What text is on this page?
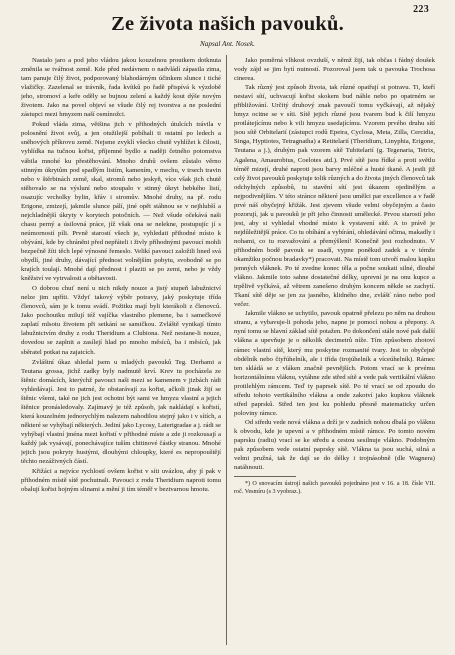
223
Ze života našich pavouků.
Napsal Ant. Nosek.

Nastalo jaro a pod jeho vládou jakou kouzelnou proutkem dotknuta změnila se tvářnost země. Kde před nedávnem o nadvládí zápasila zima, tam panuje čilý život, podporovaný blahodárným účinkem slunce i tiché vlažičky. Zazelenal se trávník, řada kvítků po řadě přispívá k výzdobě jeho, stromoví a keře oděly se bujnou zelení a každý kout dýše novým životem. Jako na povel objeví se všude čilý rej tvorstva a ne poslední zástupci mezi hmyzem naší osmínožci.

Pokud vláda zima, většina jich v přihodných útulcích trávila v polosnění život svůj, a jen otužilejší pobíhali ti ostatní po ledech a sněhových příkrovu země. Nejsme zvyklí všecko chutě vyhlížet k čilosti, vyhlídka na tučnou kořist, příjemné bydlo a naději četného potomstva vábila mnohé ku přestěhování. Mnoho druhů ovšem zůstalo věrno stinným úkrytům pod spadlým listím, kamením, v mechu, v trsech travin nebo v štěrbinách země, skal, stromů nebo jeskyň, více však jich chutě stěhovalo se na výsluní nebo stoupalo v stinný úkryt hebkého listí, osazujíc vrcholky bylin, křáv i stromův. Mnohé druhy, na př. rodu Erigone, zmizejí, jakmile slunce pálí, jiné opět stáhnou se v nejhlubší a nejchladnější úkryty v korytech potočních. — Než všude očekává naši chasu perný a úsilovná práce, jíž však ona se nelekne, postupujíc jí s neúmorností píli. Prvně starostí všech je, vyhledati přihodné místo k obývání, kde by chráněni před nepřáteli i živly příhodnými pavoucí mohli bezpečně žíti těch lepé výnosné řemeslo. Velikí pavouci založili hned svá obydlí, jiné druhy, dávající přednost volnějším pobytu, svobodně se po krajích toulají. Mnohé dají přednost i plaziti se po zemi, nebo je vždy kněžství ve vytrvalosti a obětavosti.

O dobrou chuť není u nich nikdy nouze a jistý stupeň labužnictví nelze jim upříti. Vždyť takový výběr potravy, jaký poskytuje třída členovců, sám je k tomu svádí. Požitku mají byli kterákoli z členovců. Jako pochoutku milují též vajíčka vlastního plemene, ba i samečkové zaplatí mlsotu životem při setkání se samičkou. Zvláště vynikají tímto labužnictvím druhy z rodu Theridium a Clubiona. Než nestane-li nouze, dovedou se zaplnit a zasílejí hlad po mnoho měsíců, ba i měsíců, jak sběratel potkat na zajatcích.

Zvláštní úkaz shledal jsem u mladých pavouků Teg. Derhami a Teutana grossa, jichž zadky byly nadmutě krví. Krev tu pocházela ze štěnic domácích, kterýchž pavouci naši mezi se kamenem v jizbách rádi vyhledávají. Jest to patrné, že obstarávají za kořist, ačkoli jinak žijí se štěnic všemi, také ne jich jest ochotni být sami ve hmyzu vlastní a jejich štěnice pronásledovaly. Zajímavý je též způsob, jak nakládají s kořistí, která kouzelném jednorychlým nalezem nahodilou stejný jako i v sítích, a některé se vyhýbají některých. Jediní jako Lycosy, Laterigradae a j. rádi se vyhýbají vlastní jména mezi kořistí v přihodné míste a zde ji rozkousají a každý jak vysávají, ponechávajíce tuším chitinové částky stranou. Mnohé jejich jsou pokryty hustými, dlouhými chloupky, které es nepropouštějí těchto nezáživných částí.

Křižáci a nejvíce rychlostí ovšem kořist v síti uvázlou, aby jí pak v přihodném místě sítě pochutnali. Pavouci z rodu Theridium naproti tomu obalují kořist hojným slinami a mění ji tím téměř v beztvarnou hmotu.

Jako poměrná vlhkost ovzduší, v němž žijí, tak občas i řádný doušek vody zájd se jim bytí nutností. Pozoroval jsem tak u pavouka Trochosa cinerea.

Tak různý jest způsob života, tak různé opatřují si potravu. Ti, kteří nestaví sítí, uchvacují kořist skokem bud náhle nebo po opatrném se přibližování. Určitý druhový znak pavoučí tomu vyčkávají, až nějaký hmyz ocitne se v síti. Sítě jejich různé jsou tvarem bud k čilí hmyzu protlátejícímu nebo k vili hmyzu usedajícímu. Vzorem prvého druhu sítí jsou sítě Orbitelarií (zástupci rodů Epeira, Cyclosa, Meta, Zilla, Cercidia, Singa, Hyptiotes, Tetragnatha) a Retitelarií (Theridium, Linyphia, Erigone, Teutana a j.), druhým pak vzorem sítě Tubitelarií (g. Tegenaria, Tetrix, Agalena, Amaurobius, Coelotes atd.). Prvé sítě jsou řídké a proti světlu téměř mizejí, druhé naproti jsou barvy mléčné a husté tkané. A jestli již celý život pavouků poskytuje tolik různých a do života jiných členovců tak odchylných způsobů, tu stavění sítí jest úkazem ojedinělým a nejpodivnějším. V této stránce některé jsou umělci par excellence a v řadě prvé náš obyčejný křižák. Jest zjevem všude velmi obyčejným a často pozorují, jak u pavouků je při jeho činnosti umělecké. Prvou starostí jeho jest, aby si vyhledal vhodné místo k vystavení sítě. A to právě je nejdůležitější práce. Co tu obíhání a vybírání, ohledávání očima, makadly i nohami, co tu rozvažování a přemýšlení! Konečně jest rozhodnuto. V přihodném bodě pavouk se usadí, vypne poněkud zadek a v témže okamžiku počnou bradavky*) pracovati. Na místě tom utvoří malou kupku jemných vláknek. Po té zvedne konec těla a počne soukati silné, dlouhé vlákno. Jakmile toto sahne dostatečné délky, uprevní je na onu kupce a trpělivě vyčkává, až větrem zanešeno druhým koncem někde se zachytí. Tkaní sítě děje se jen za jasného, klidného dne, zvlášť ráno nebo pod večer.

Jakmile vlákno se uchytilo, pavouk opatrně přelezu po něm na druhou stranu, a vybavuje-li pohoda jeho, napne je pomocí nohou a přepony. A nyní tomu se hlavní základ sítě potažen. Po dokončení stále nové pak další vlákna a upevňuje je o několik decimetrů níže. Tím způsobem zhotoví rámec vlastní sítě, který mu poskytne rozmanité tvary. Jest to obyčejně obdélník nebo čtyřúhelník, ale i třída (trojúhelník a víceúhelník). Rámec ten skládá se z vláken značně pevnějších. Potom vrací se k prvému horizontálnímu vláknu, vytáhne zde střed sítě a vede pak vertikální vlákno protilehlým rámcem. Teď ty paprsek sítě. Po té vrací se od zpoudu do středu tohoto vertikálního vlákna a onde zakotví jako kupkou vláknek střed paprsků. Střed ten jest ku pohledu přesně matematicky určen poloviny rámce.

Od středu vede nová vlákna a drží je v zadních nohou dbalá po vláknu k obvodu, kde je upevní a v přihodném místě rámce. Po tomto novém paprsku (radiu) vrací se ke středu a cestou sesilnuje vlákno. Podobným pak způsobem vede ostatní paprsky sítě. Vlákna ta jsou suchá, silná a velmi pružná, tak že dají se do délky i trojnásobně (dle Wagnera) natáhnouti.

*) O snovacím ústrojí našich pavouků pojednáno jest v 16. a 18. čísle VII. roč. Vesmíru (s 3 vyobraz.).
